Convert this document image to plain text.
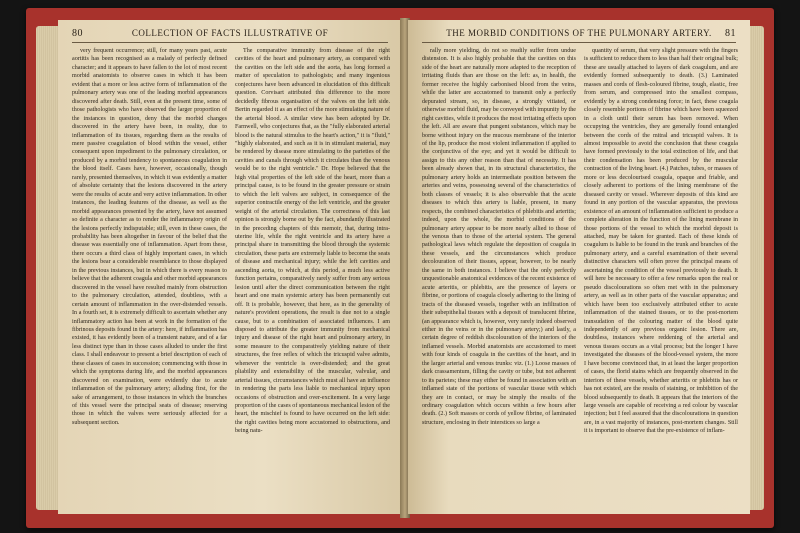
80	COLLECTION OF FACTS ILLUSTRATIVE OF

very frequent occurrence; still, for many years past, acute aortitis has been recognised as a malady of perfectly defined character; and it appears to have fallen to the lot of most recent morbid anatomists to observe cases in which it has been evident that a more or less active form of inflammation of the pulmonary artery was one of the leading morbid appearances discovered after death. Still, even at the present time, some of those pathologists who have observed the larger proportion of the instances in question, deny that the morbid changes discovered in the artery have been, in reality, due to inflammation of its tissues, regarding them as the results of mere passive coagulation of blood within the vessel, either consequent upon impediment to the pulmonary circulation, or produced by a morbid tendency to spontaneous coagulation in the blood itself. Cases have, however, occasionally, though rarely, presented themselves, in which it was evidently a matter of absolute certainty that the lesions discovered in the artery were the results of acute and very active inflammation. In other instances, the leading features of the disease, as well as the morbid appearances presented by the artery, have not assumed so definite a character as to render the inflammatory origin of the lesions perfectly indisputable; still, even in these cases, the probability has been altogether in favour of the belief that the disease was essentially one of inflammation. Apart from these, there occurs a third class of highly important cases, in which the lesions bear a considerable resemblance to those displayed in the previous instances, but in which there is every reason to believe that the adherent coagula and other morbid appearances discovered in the vessel have resulted mainly from obstruction to the pulmonary circulation, attended, doubtless, with a certain amount of inflammation in the over-distended vessels. In a fourth set, it is extremely difficult to ascertain whether any inflammatory action has been at work in the formation of the fibrinous deposits found in the artery: here, if inflammation has existed, it has evidently been of a transient nature, and of a far less distinct type than in those cases alluded to under the first class. I shall endeavour to present a brief description of each of these classes of cases in succession; commencing with those in which the symptoms during life, and the morbid appearances discovered on examination, were evidently due to acute inflammation of the pulmonary artery; alluding first, for the sake of arrangement, to those instances in which the branches of this vessel were the principal seats of disease; reserving those in which the valves were seriously affected for a subsequent section.

The comparative immunity from disease of the right cavities of the heart and pulmonary artery, as compared with the cavities on the left side and the aorta, has long formed a matter of speculation to pathologists; and many ingenious conjectures have been advanced in elucidation of this difficult question. Corvisart attributed this difference to the more decidedly fibrous organisation of the valves on the left side. Bertin regarded it as an effect of the more stimulating nature of the arterial blood. A similar view has been adopted by Dr. Farnwell, who conjectures that, as the "fully elaborated arterial blood is the natural stimulus to the heart's action," it is "fluid," "highly elaborated, and such as it is in stimulant material, may be rendered by disease more stimulating to the parieties of the cavities and canals through which it circulates than the venous would be to the right ventricle." Dr. Hope believed that the high vital properties of the left side of the heart, more than a principal cause, is to be found in the greater pressure or strain to which the left valves are subject, in consequence of the superior contractile energy of the left ventricle, and the greater weight of the arterial circulation. The correctness of this last opinion is strongly borne out by the fact, abundantly illustrated in the preceding chapters of this memoir, that, during intra-uterine life, while the right ventricle and its artery have a principal share in transmitting the blood through the systemic circulation, these parts are extremely liable to become the seats of disease and mechanical injury; while the left cavities and ascending aorta, to which, at this period, a much less active function pertains, comparatively rarely suffer from any serious lesion until after the direct communication between the right heart and one main systemic artery has been permanently cut off. It is probable, however, that here, as in the generality of nature's provident operations, the result is due not to a single cause, but to a combination of associated influences. I am disposed to attribute the greater immunity from mechanical injury and disease of the right heart and pulmonary artery, in some measure to the comparatively yielding nature of their structures, the free reflex of which the tricuspid valve admits, whenever the ventricle is over-distended; and the great pliability and extensibility of the muscular, valvular, and arterial tissues, circumstances which must all have an influence in rendering the parts less liable to mechanical injury upon occasions of obstruction and over-excitement. In a very large proportion of the cases of spontaneous mechanical lesion of the heart, the mischief is found to have occurred on the left side: the right cavities being more accustomed to obstructions, and being natu-

THE MORBID CONDITIONS OF THE PULMONARY ARTERY.	81

rally more yielding, do not so readily suffer from undue distension. It is also highly probable that the cavities on this side of the heart are naturally more adapted to the reception of irritating fluids than are those on the left: as, in health, the former receive the highly carbonised blood from the veins, while the latter are accustomed to transmit only a perfectly depurated stream, so, in disease, a strongly vitiated, or otherwise morbid fluid, may be conveyed with impunity by the right cavities, while it produces the most irritating effects upon the left. All are aware that pungent substances, which may be borne without injury on the mucous membrane of the interior of the lip, produce the most violent inflammation if applied to the conjunctiva of the eye; and yet it would be difficult to assign to this any other reason than that of necessity. It has been already shown that, in its structural characteristics, the pulmonary artery holds an intermediate position between the arteries and veins, possessing several of the characteristics of both classes of vessels; it is also observable that the acute diseases to which this artery is liable, present, in many respects, the combined characteristics of phlebitis and arteritis; indeed, upon the whole, the morbid conditions of the pulmonary artery appear to be more nearly allied to those of the venous than to those of the arterial system. The general pathological laws which regulate the deposition of coagula in these vessels, and the circumstances which produce decolouration of their tissues, appear, however, to be nearly the same in both instances. I believe that the only perfectly unquestionable anatomical evidences of the recent existence of acute arteritis, or phlebitis, are the presence of layers or fibrine, or portions of coagula closely adhering to the lining of tracts of the diseased vessels, together with an infiltration of their subepithelial tissues with a deposit of translucent fibrine, (an appearance which is, however, very rarely indeed observed either in the veins or in the pulmonary artery;) and lastly, a certain degree of reddish discolouration of the interiors of the inflamed vessels. Morbid anatomists are accustomed to meet with four kinds of coagula in the cavities of the heart, and in the larger arterial and venous trunks: viz. (1.) Loose masses of dark crassamentum, filling the cavity or tube, but not adherent to its parietes; these may either be found in association with an inflamed state of the portions of vascular tissue with which they are in contact, or may be simply the results of the ordinary coagulation which occurs within a few hours after death. (2.) Soft masses or cords of yellow fibrine, of laminated structure, enclosing in their interstices so large a

quantity of serum, that very slight pressure with the fingers is sufficient to reduce them to less than half their original bulk; these are usually attached to layers of dark coagulum, and are evidently formed subsequently to death. (3.) Laminated masses and cords of flesh-coloured fibrine, tough, elastic, free from serum, and compressed into the smallest compass, evidently by a strong condensing force; in fact, these coagula closely resemble portions of fibrine which have been squeezed in a cloth until their serum has been removed. When occupying the ventricles, they are generally found entangled between the cords of the mitral and tricuspid valves. It is almost impossible to avoid the conclusion that these coagula have formed previously to the total extinction of life, and that their condensation has been produced by the muscular contraction of the living heart. (4.) Patches, tubes, or masses of more or less decolourised coagula, opaque and friable, and closely adherent to portions of the lining membrane of the diseased cavity or vessel. Wherever deposits of this kind are found in any portion of the vascular apparatus, the previous existence of an amount of inflammation sufficient to produce a complete alteration in the function of the lining membrane in those portions of the vessel to which the morbid deposit is attached, may be taken for granted. Each of these kinds of coagulum is liable to be found in the trunk and branches of the pulmonary artery, and a careful examination of their several distinctive characters will often prove the principal means of ascertaining the condition of the vessel previously to death. It will here be necessary to offer a few remarks upon the real or pseudo discolourations so often met with in the pulmonary artery, as well as in other parts of the vascular apparatus; and which have been too exclusively attributed either to acute inflammation of the stained tissues, or to the post-mortem transudation of the colouring matter of the blood quite independently of any previous organic lesion. There are, doubtless, instances where reddening of the arterial and venous tissues occurs as a vital process; but the longer I have investigated the diseases of the blood-vessel system, the more I have become convinced that, in at least the larger proportion of cases, the florid stains which are frequently observed in the interiors of these vessels, whether arteritis or phlebitis has or has not existed, are the results of staining, or imbibition of the blood subsequently to death. It appears that the interiors of the large vessels are capable of receiving a red colour by vascular injection; but I feel assured that the discolourations in question are, in a vast majority of instances, post-mortem changes. Still it is important to observe that the pre-existence of inflam-
